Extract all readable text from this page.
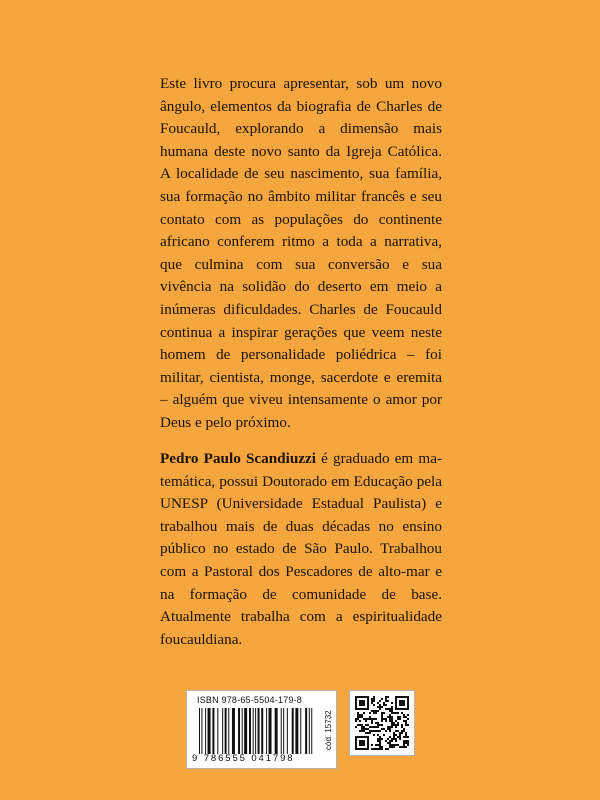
Este livro procura apresentar, sob um novo ângulo, elementos da biografia de Charles de Foucauld, explorando a dimensão mais humana deste novo santo da Igreja Católica. A localidade de seu nascimento, sua família, sua formação no âmbito militar francês e seu contato com as populações do continente africano conferem ritmo a toda a narrativa, que culmina com sua conversão e sua vivência na solidão do deserto em meio a inúmeras dificuldades. Charles de Foucauld continua a inspirar gerações que veem neste homem de personalidade poliédrica – foi militar, cientista, monge, sacerdote e eremita – alguém que viveu intensamente o amor por Deus e pelo próximo.

Pedro Paulo Scandiuzzi é graduado em matemática, possui Doutorado em Educação pela UNESP (Universidade Estadual Paulista) e trabalhou mais de duas décadas no ensino público no estado de São Paulo. Trabalhou com a Pastoral dos Pescadores de alto-mar e na formação de comunidade de base. Atualmente trabalha com a espiritualidade foucauldiana.

ISBN 978-65-5504-179-8
9 786555 041798
cód. 15732
